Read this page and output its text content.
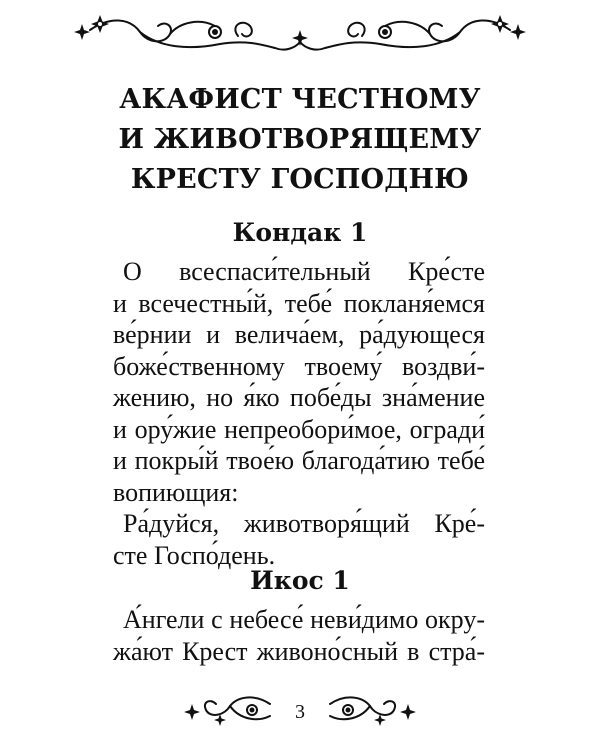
АКАФИСТ ЧЕСТНОМУ
И ЖИВОТВОРЯЩЕМУ
КРЕСТУ ГОСПОДНЮ
Кондак 1
О всеспаси́тельный Кре́сте
и всечестны́й, тебе́ покланя́емся
ве́рнии и велича́ем, ра́дующеся
боже́ственному твоему́ воздви́-
жению, но я́ко побе́ды зна́мение
и ору́жие непреобори́мое, огради́
и покры́й твое́ю благода́тию тебе́
вопиющия:
Ра́дуйся, животворя́щий Кре́-
сте Госпо́день.
Икос 1
А́нгели с небесе́ неви́димо окру-
жа́ют Крест живоно́сный в стра́-
3
